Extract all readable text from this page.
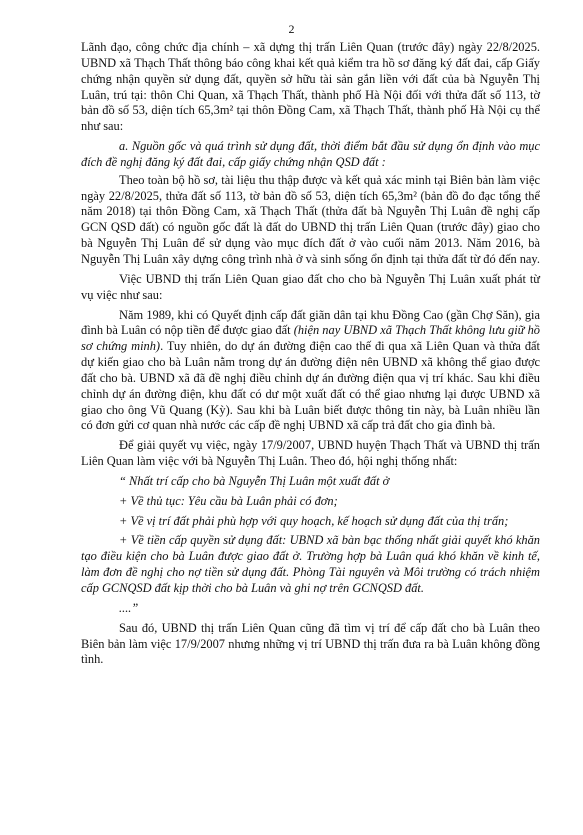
2

Lãnh đạo, công chức địa chính – xã dựng thị trấn Liên Quan (trước đây) ngày 22/8/2025. UBND xã Thạch Thất thông báo công khai kết quả kiểm tra hồ sơ đăng ký đất đai, cấp Giấy chứng nhận quyền sử dụng đất, quyền sở hữu tài sản gắn liền với đất của bà Nguyễn Thị Luân, trú tại: thôn Chi Quan, xã Thạch Thất, thành phố Hà Nội đối với thửa đất số 113, tờ bản đồ số 53, diện tích 65,3m² tại thôn Đồng Cam, xã Thạch Thất, thành phố Hà Nội cụ thể như sau:

a. Nguồn gốc và quá trình sử dụng đất, thời điểm bắt đầu sử dụng ổn định vào mục đích đề nghị đăng ký đất đai, cấp giấy chứng nhận QSD đất :

Theo toàn bộ hồ sơ, tài liệu thu thập được và kết quả xác minh tại Biên bản làm việc ngày 22/8/2025, thửa đất số 113, tờ bản đồ số 53, diện tích 65,3m² (bản đồ đo đạc tổng thể năm 2018) tại thôn Đồng Cam, xã Thạch Thất (thửa đất bà Nguyễn Thị Luân đề nghị cấp GCN QSD đất) có nguồn gốc đất là đất do UBND thị trấn Liên Quan (trước đây) giao cho bà Nguyễn Thị Luân để sử dụng vào mục đích đất ở vào cuối năm 2013. Năm 2016, bà Nguyễn Thị Luân xây dựng công trình nhà ở và sinh sống ổn định tại thửa đất từ đó đến nay.

Việc UBND thị trấn Liên Quan giao đất cho cho bà Nguyễn Thị Luân xuất phát từ vụ việc như sau:

Năm 1989, khi có Quyết định cấp đất giãn dân tại khu Đồng Cao (gần Chợ Săn), gia đình bà Luân có nộp tiền để được giao đất (hiện nay UBND xã Thạch Thất không lưu giữ hồ sơ chứng minh). Tuy nhiên, do dự án đường điện cao thế đi qua xã Liên Quan và thửa đất dự kiến giao cho bà Luân nằm trong dự án đường điện nên UBND xã không thể giao được đất cho bà. UBND xã đã đề nghị điều chỉnh dự án đường điện qua vị trí khác. Sau khi điều chỉnh dự án đường điện, khu đất có dư một xuất đất có thể giao nhưng lại được UBND xã giao cho ông Vũ Quang (Kỳ). Sau khi bà Luân biết được thông tin này, bà Luân nhiều lần có đơn gửi cơ quan nhà nước các cấp đề nghị UBND xã cấp trả đất cho gia đình bà.

Để giải quyết vụ việc, ngày 17/9/2007, UBND huyện Thạch Thất và UBND thị trấn Liên Quan làm việc với bà Nguyễn Thị Luân. Theo đó, hội nghị thống nhất:

“ Nhất trí cấp cho bà Nguyễn Thị Luân một xuất đất ở

+ Về thủ tục: Yêu cầu bà Luân phải có đơn;

+ Về vị trí đất phải phù hợp với quy hoạch, kế hoạch sử dụng đất của thị trấn;

+ Về tiền cấp quyền sử dụng đất: UBND xã bàn bạc thống nhất giải quyết khó khăn tạo điều kiện cho bà Luân được giao đất ở. Trường hợp bà Luân quá khó khăn về kinh tế, làm đơn đề nghị cho nợ tiền sử dụng đất. Phòng Tài nguyên và Môi trường có trách nhiệm cấp GCNQSD đất kịp thời cho bà Luân và ghi nợ trên GCNQSD đất.

....”

Sau đó, UBND thị trấn Liên Quan cũng đã tìm vị trí để cấp đất cho bà Luân theo Biên bản làm việc 17/9/2007 nhưng những vị trí UBND thị trấn đưa ra bà Luân không đồng tình.
